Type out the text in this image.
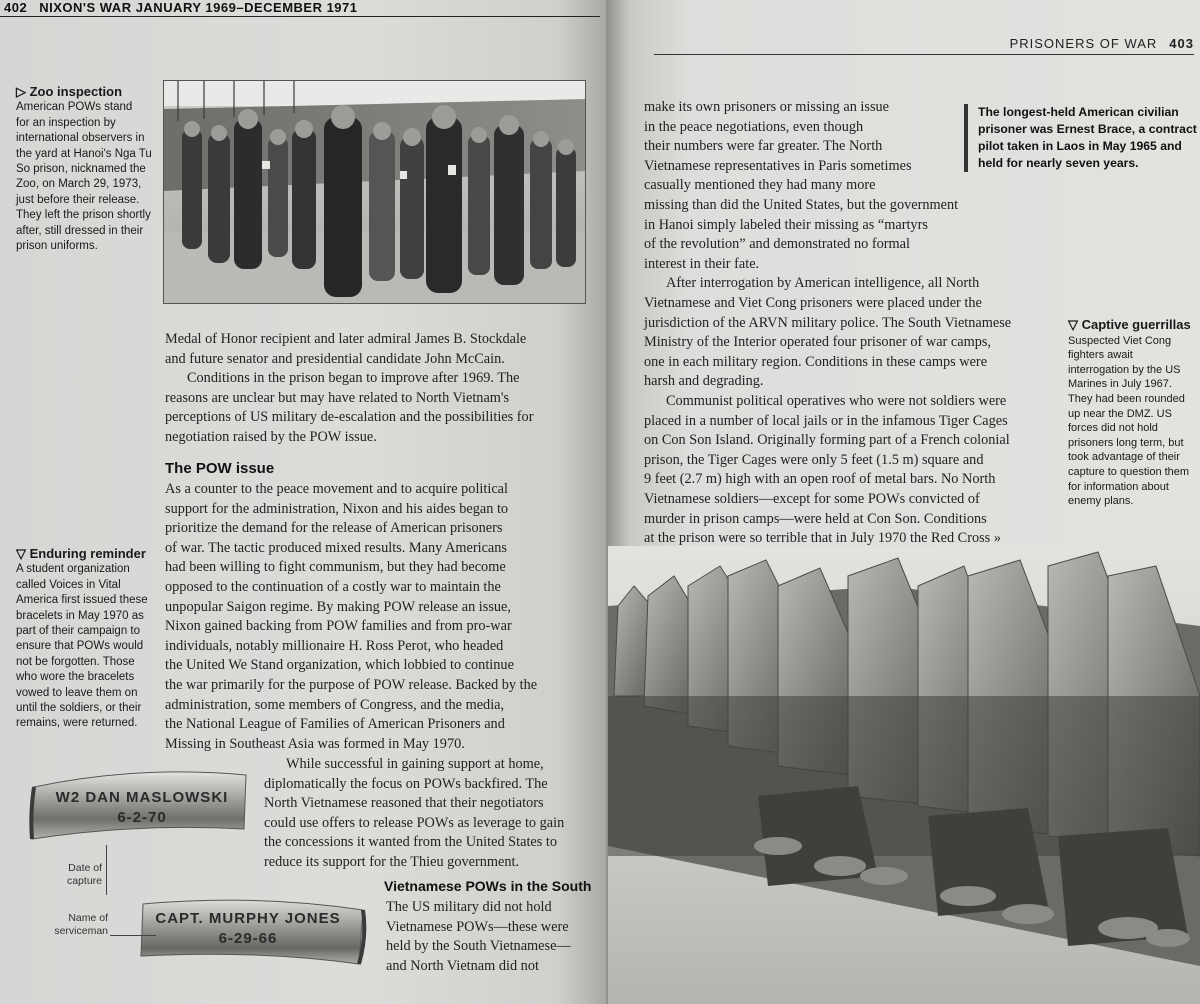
402 NIXON'S WAR JANUARY 1969–DECEMBER 1971
▷ Zoo inspection
American POWs stand
for an inspection by
international observers in
the yard at Hanoi's Nga Tu
So prison, nicknamed the
Zoo, on March 29, 1973,
just before their release.
They left the prison shortly
after, still dressed in their
prison uniforms.

Medal of Honor recipient and later admiral James B. Stockdale

and future senator and presidential candidate John McCain.

Conditions in the prison began to improve after 1969. The

reasons are unclear but may have related to North Vietnam's

perceptions of US military de-escalation and the possibilities for

negotiation raised by the POW issue.

The POW issue

As a counter to the peace movement and to acquire political

support for the administration, Nixon and his aides began to

prioritize the demand for the release of American prisoners

of war. The tactic produced mixed results. Many Americans

had been willing to fight communism, but they had become

opposed to the continuation of a costly war to maintain the

unpopular Saigon regime. By making POW release an issue,

Nixon gained backing from POW families and from pro-war

individuals, notably millionaire H. Ross Perot, who headed

the United We Stand organization, which lobbied to continue

the war primarily for the purpose of POW release. Backed by the

administration, some members of Congress, and the media,

the National League of Families of American Prisoners and

Missing in Southeast Asia was formed in May 1970.

While successful in gaining support at home,

diplomatically the focus on POWs backfired. The

North Vietnamese reasoned that their negotiators

could use offers to release POWs as leverage to gain

the concessions it wanted from the United States to

reduce its support for the Thieu government.

▽ Enduring reminder
A student organization
called Voices in Vital
America first issued these
bracelets in May 1970 as
part of their campaign to
ensure that POWs would
not be forgotten. Those
who wore the bracelets
vowed to leave them on
until the soldiers, or their
remains, were returned.
W2 DAN MASLOWSKI
6-2-70
CAPT. MURPHY JONES
6-29-66
Date of
capture
Name of
serviceman
Vietnamese POWs in the South

The US military did not hold

Vietnamese POWs—these were

held by the South Vietnamese—

and North Vietnam did not

PRISONERS OF WAR 403

make its own prisoners or missing an issue

in the peace negotiations, even though

their numbers were far greater. The North

Vietnamese representatives in Paris sometimes

casually mentioned they had many more

missing than did the United States, but the government

in Hanoi simply labeled their missing as “martyrs

of the revolution” and demonstrated no formal

interest in their fate.

After interrogation by American intelligence, all North

Vietnamese and Viet Cong prisoners were placed under the

jurisdiction of the ARVN military police. The South Vietnamese

Ministry of the Interior operated four prisoner of war camps,

one in each military region. Conditions in these camps were

harsh and degrading.

Communist political operatives who were not soldiers were

placed in a number of local jails or in the infamous Tiger Cages

on Con Son Island. Originally forming part of a French colonial

prison, the Tiger Cages were only 5 feet (1.5 m) square and

9 feet (2.7 m) high with an open roof of metal bars. No North

Vietnamese soldiers—except for some POWs convicted of

murder in prison camps—were held at Con Son. Conditions

at the prison were so terrible that in July 1970 the Red Cross »

The longest-held American civilian
prisoner was Ernest Brace, a contract
pilot taken in Laos in May 1965 and
held for nearly seven years.
▽ Captive guerrillas
Suspected Viet Cong
fighters await
interrogation by the US
Marines in July 1967.
They had been rounded
up near the DMZ. US
forces did not hold
prisoners long term, but
took advantage of their
capture to question them
for information about
enemy plans.
